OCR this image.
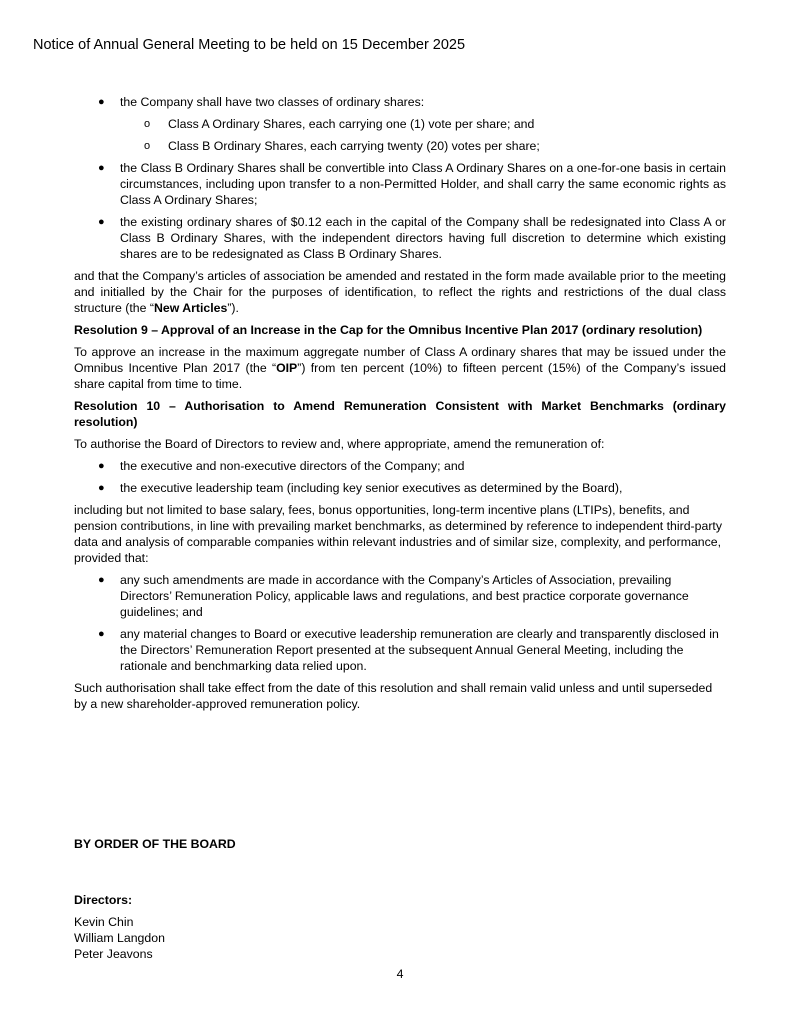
Notice of Annual General Meeting to be held on 15 December 2025
● the Company shall have two classes of ordinary shares:
o Class A Ordinary Shares, each carrying one (1) vote per share; and
o Class B Ordinary Shares, each carrying twenty (20) votes per share;
● the Class B Ordinary Shares shall be convertible into Class A Ordinary Shares on a one-for-one basis in certain circumstances, including upon transfer to a non-Permitted Holder, and shall carry the same economic rights as Class A Ordinary Shares;
● the existing ordinary shares of $0.12 each in the capital of the Company shall be redesignated into Class A or Class B Ordinary Shares, with the independent directors having full discretion to determine which existing shares are to be redesignated as Class B Ordinary Shares.

and that the Company’s articles of association be amended and restated in the form made available prior to the meeting and initialled by the Chair for the purposes of identification, to reflect the rights and restrictions of the dual class structure (the “New Articles”).

Resolution 9 – Approval of an Increase in the Cap for the Omnibus Incentive Plan 2017 (ordinary resolution)

To approve an increase in the maximum aggregate number of Class A ordinary shares that may be issued under the Omnibus Incentive Plan 2017 (the “OIP”) from ten percent (10%) to fifteen percent (15%) of the Company’s issued share capital from time to time.

Resolution 10 – Authorisation to Amend Remuneration Consistent with Market Benchmarks (ordinary resolution)

To authorise the Board of Directors to review and, where appropriate, amend the remuneration of:

● the executive and non-executive directors of the Company; and
● the executive leadership team (including key senior executives as determined by the Board),

including but not limited to base salary, fees, bonus opportunities, long-term incentive plans (LTIPs), benefits, and pension contributions, in line with prevailing market benchmarks, as determined by reference to independent third-party data and analysis of comparable companies within relevant industries and of similar size, complexity, and performance, provided that:

● any such amendments are made in accordance with the Company’s Articles of Association, prevailing Directors’ Remuneration Policy, applicable laws and regulations, and best practice corporate governance guidelines; and
● any material changes to Board or executive leadership remuneration are clearly and transparently disclosed in the Directors’ Remuneration Report presented at the subsequent Annual General Meeting, including the rationale and benchmarking data relied upon.

Such authorisation shall take effect from the date of this resolution and shall remain valid unless and until superseded by a new shareholder-approved remuneration policy.

BY ORDER OF THE BOARD

Directors:

Kevin Chin

William Langdon

Peter Jeavons

4
